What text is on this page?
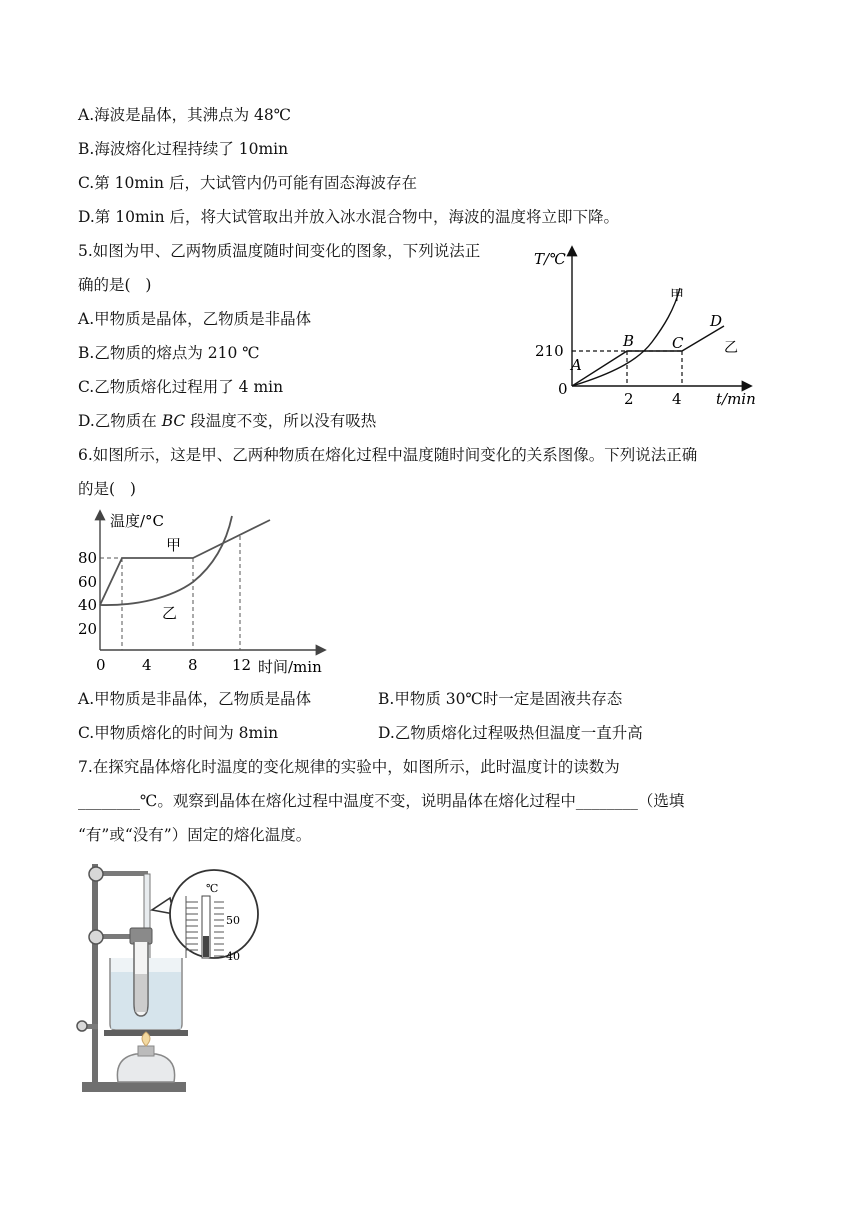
A.海波是晶体，其沸点为 48℃
B.海波熔化过程持续了 10min
C.第 10min 后，大试管内仍可能有固态海波存在
D.第 10min 后，将大试管取出并放入冰水混合物中，海波的温度将立即下降。
5.如图为甲、乙两物质温度随时间变化的图象，下列说法正
确的是(   )
A.甲物质是晶体，乙物质是非晶体
B.乙物质的熔点为 210 ℃
C.乙物质熔化过程用了 4 min
D.乙物质在 BC 段温度不变，所以没有吸热
T/℃
t/min
0
210
2	4
A
B	C
D
甲
乙
6.如图所示，这是甲、乙两种物质在熔化过程中温度随时间变化的关系图像。下列说法正确
的是(   )
温度/°C
时间/min
80
60
40
20
0 4 8 12
甲
乙
A.甲物质是非晶体，乙物质是晶体	B.甲物质 30℃时一定是固液共存态
C.甲物质熔化的时间为 8min	D.乙物质熔化过程吸热但温度一直升高
7.在探究晶体熔化时温度的变化规律的实验中，如图所示，此时温度计的读数为
________℃。观察到晶体在熔化过程中温度不变，说明晶体在熔化过程中________（选填
“有”或“没有”）固定的熔化温度。
℃
50
40
